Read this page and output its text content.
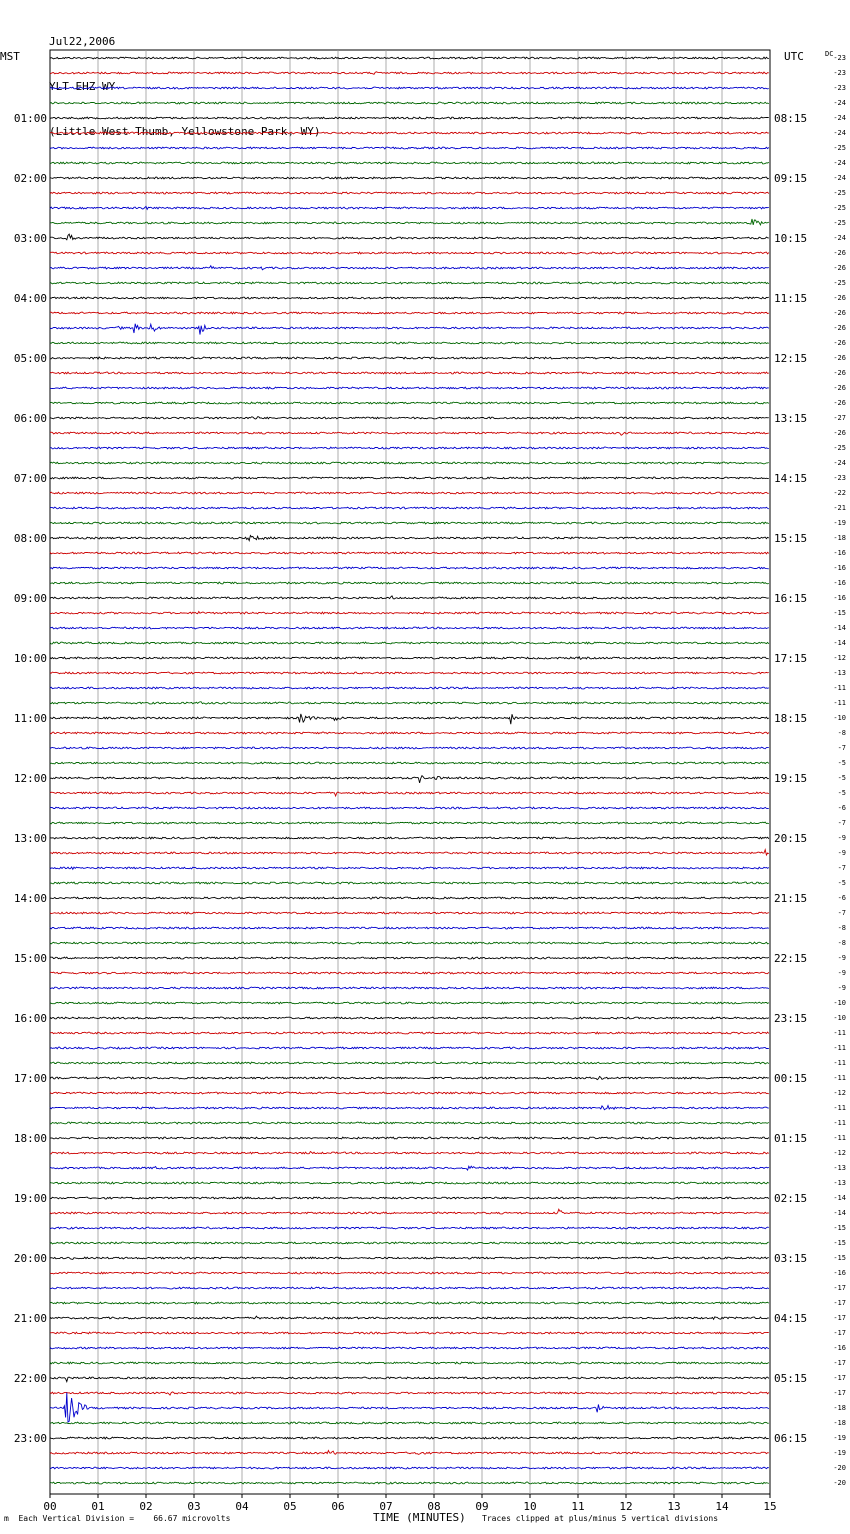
Jul22,2006

YLT EHZ WY

(Little West Thumb, Yellowstone Park, WY)

MST	UTC	DC
00	01	02	03	04	05	06	07	08	09	10	11	12	13	14	15
-23
-23
-23
-24
-24
-24
-25
-24
-24
-25
-25
-25
-24
-26
-26
-25
-26
-26
-26
-26
-26
-26
-26
-26
-27
-26
-25
-24
-23
-22
-21
-19
-18
-16
-16
-16
-16
-15
-14
-14
-12
-13
-11
-11
-10
-8
-7
-5
-5
-5
-6
-7
-9
-9
-7
-5
-6
-7
-8
-8
-9
-9
-9
-10
-10
-11
-11
-11
-11
-12
-11
-11
-11
-12
-13
-13
-14
-14
-15
-15
-15
-16
-17
-17
-17
-17
-16
-17
-17
-17
-18
-18
-19
-19
-20
-20
01:00
02:00
03:00
04:00
05:00
06:00
07:00
08:00
09:00
10:00
11:00
12:00
13:00
14:00
15:00
16:00
17:00
18:00
19:00
20:00
21:00
22:00
23:00
08:15
09:15
10:15
11:15
12:15
13:15
14:15
15:15
16:15
17:15
18:15
19:15
20:15
21:15
22:15
23:15
00:15
01:15
02:15
03:15
04:15
05:15
06:15
m Each Vertical Division =    66.67 microvolts	TIME (MINUTES) Traces clipped at plus/minus 5 vertical divisions
